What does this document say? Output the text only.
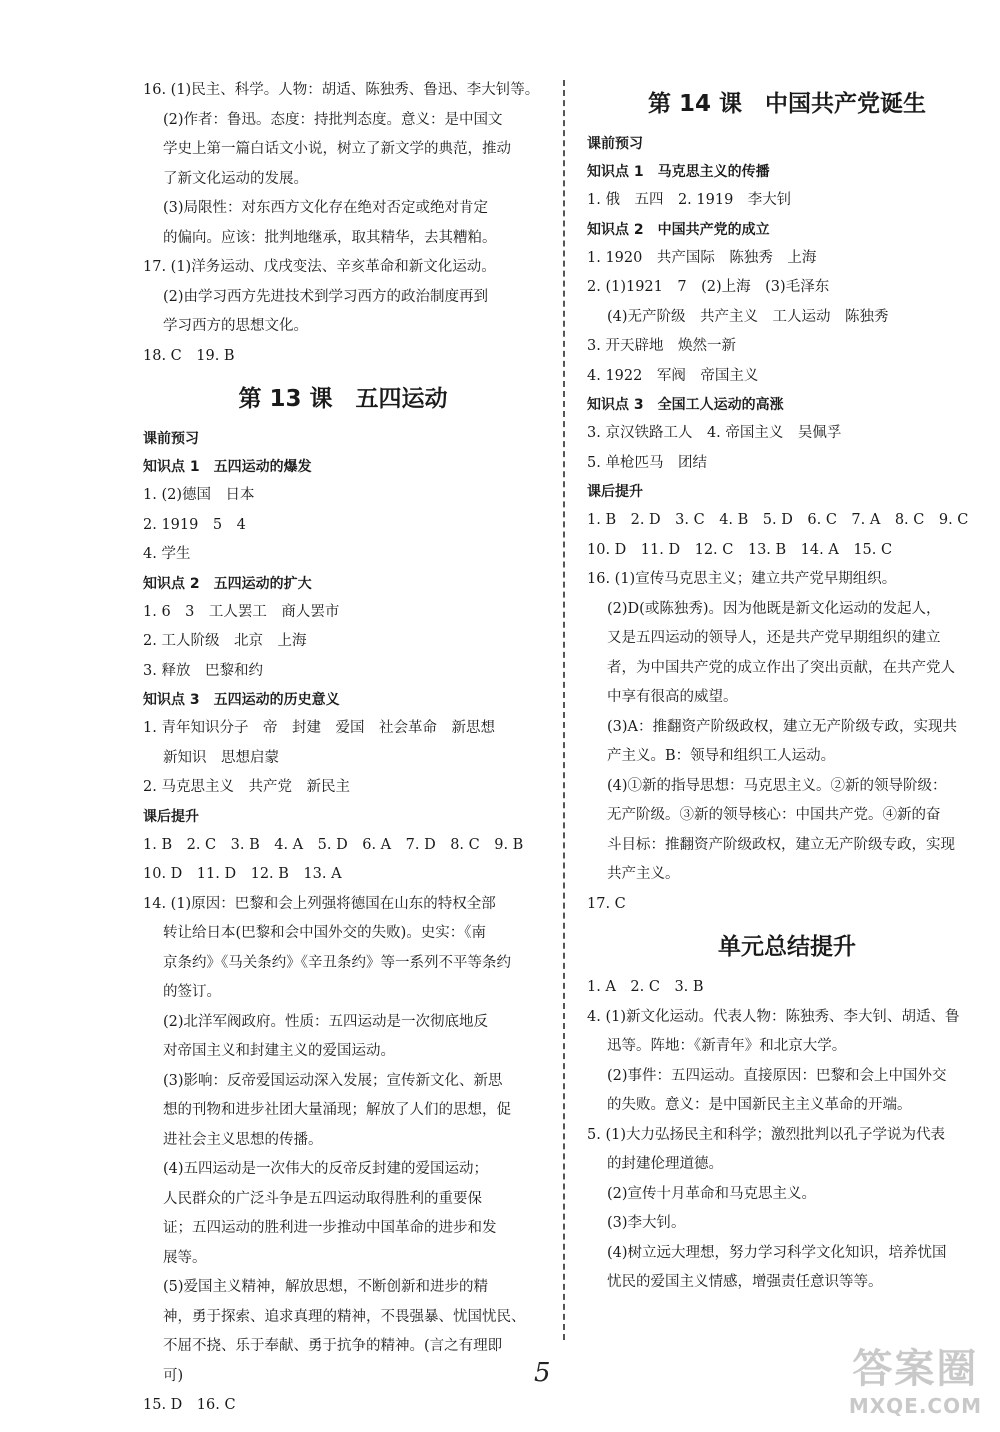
16. (1)民主、科学。人物：胡适、陈独秀、鲁迅、李大钊等。
(2)作者：鲁迅。态度：持批判态度。意义：是中国文
学史上第一篇白话文小说，树立了新文学的典范，推动
了新文化运动的发展。
(3)局限性：对东西方文化存在绝对否定或绝对肯定
的偏向。应该：批判地继承，取其精华，去其糟粕。
17. (1)洋务运动、戊戌变法、辛亥革命和新文化运动。
(2)由学习西方先进技术到学习西方的政治制度再到
学习西方的思想文化。
18. C　19. B
第 13 课　五四运动
课前预习
知识点 1　五四运动的爆发
1. (2)德国　日本
2. 1919　5　4
4. 学生
知识点 2　五四运动的扩大
1. 6　3　工人罢工　商人罢市
2. 工人阶级　北京　上海
3. 释放　巴黎和约
知识点 3　五四运动的历史意义
1. 青年知识分子　帝　封建　爱国　社会革命　新思想
新知识　思想启蒙
2. 马克思主义　共产党　新民主
课后提升
1. B　2. C　3. B　4. A　5. D　6. A　7. D　8. C　9. B
10. D　11. D　12. B　13. A
14. (1)原因：巴黎和会上列强将德国在山东的特权全部
转让给日本(巴黎和会中国外交的失败)。史实：《南
京条约》《马关条约》《辛丑条约》等一系列不平等条约
的签订。
(2)北洋军阀政府。性质：五四运动是一次彻底地反
对帝国主义和封建主义的爱国运动。
(3)影响：反帝爱国运动深入发展；宣传新文化、新思
想的刊物和进步社团大量涌现；解放了人们的思想，促
进社会主义思想的传播。
(4)五四运动是一次伟大的反帝反封建的爱国运动；
人民群众的广泛斗争是五四运动取得胜利的重要保
证；五四运动的胜利进一步推动中国革命的进步和发
展等。
(5)爱国主义精神，解放思想，不断创新和进步的精
神，勇于探索、追求真理的精神，不畏强暴、忧国忧民、
不屈不挠、乐于奉献、勇于抗争的精神。(言之有理即
可)
15. D　16. C
第 14 课　中国共产党诞生
课前预习
知识点 1　马克思主义的传播
1. 俄　五四　2. 1919　李大钊
知识点 2　中国共产党的成立
1. 1920　共产国际　陈独秀　上海
2. (1)1921　7　(2)上海　(3)毛泽东
(4)无产阶级　共产主义　工人运动　陈独秀
3. 开天辟地　焕然一新
4. 1922　军阀　帝国主义
知识点 3　全国工人运动的高涨
3. 京汉铁路工人　4. 帝国主义　吴佩孚
5. 单枪匹马　团结
课后提升
1. B　2. D　3. C　4. B　5. D　6. C　7. A　8. C　9. C
10. D　11. D　12. C　13. B　14. A　15. C
16. (1)宣传马克思主义；建立共产党早期组织。
(2)D(或陈独秀)。因为他既是新文化运动的发起人，
又是五四运动的领导人，还是共产党早期组织的建立
者，为中国共产党的成立作出了突出贡献，在共产党人
中享有很高的威望。
(3)A：推翻资产阶级政权，建立无产阶级专政，实现共
产主义。B：领导和组织工人运动。
(4)①新的指导思想：马克思主义。②新的领导阶级：
无产阶级。③新的领导核心：中国共产党。④新的奋
斗目标：推翻资产阶级政权，建立无产阶级专政，实现
共产主义。
17. C
单元总结提升
1. A　2. C　3. B
4. (1)新文化运动。代表人物：陈独秀、李大钊、胡适、鲁
迅等。阵地：《新青年》和北京大学。
(2)事件：五四运动。直接原因：巴黎和会上中国外交
的失败。意义：是中国新民主主义革命的开端。
5. (1)大力弘扬民主和科学；激烈批判以孔子学说为代表
的封建伦理道德。
(2)宣传十月革命和马克思主义。
(3)李大钊。
(4)树立远大理想，努力学习科学文化知识，培养忧国
忧民的爱国主义情感，增强责任意识等等。
5	答案圈
MXQE.COM
